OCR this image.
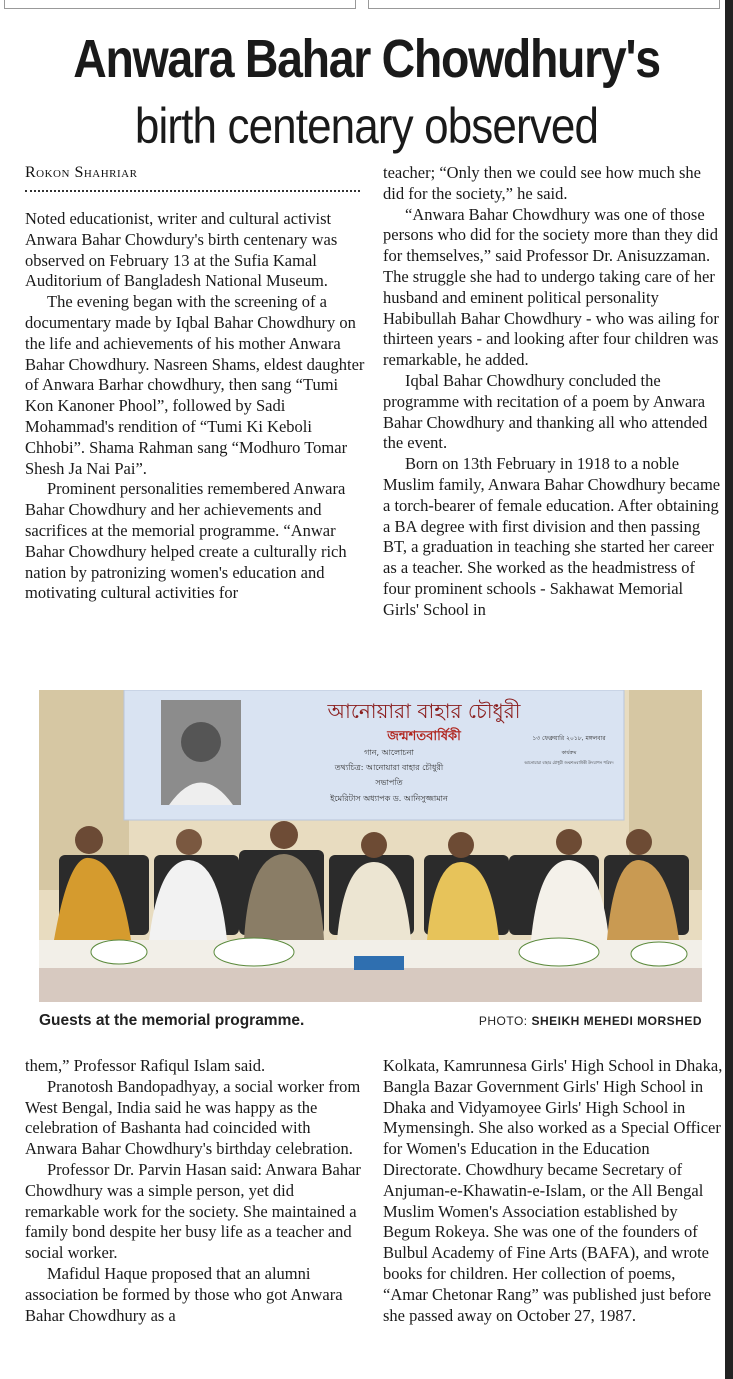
Anwara Bahar Chowdhury's
birth centenary observed
Rokon Shahriar

Noted educationist, writer and cultural activist Anwara Bahar Chowdury's birth centenary was observed on February 13 at the Sufia Kamal Auditorium of Bangladesh National Museum.

The evening began with the screening of a documentary made by Iqbal Bahar Chowdhury on the life and achievements of his mother Anwara Bahar Chowdhury. Nasreen Shams, eldest daughter of Anwara Barhar chowdhury, then sang “Tumi Kon Kanoner Phool”, followed by Sadi Mohammad's rendition of “Tumi Ki Keboli Chhobi”. Shama Rahman sang “Modhuro Tomar Shesh Ja Nai Pai”.

Prominent personalities remembered Anwara Bahar Chowdhury and her achievements and sacrifices at the memorial programme. “Anwar Bahar Chowdhury helped create a culturally rich nation by patronizing women's education and motivating cultural activities for

teacher; “Only then we could see how much she did for the society,” he said.

“Anwara Bahar Chowdhury was one of those persons who did for the society more than they did for themselves,” said Professor Dr. Anisuzzaman. The struggle she had to undergo taking care of her husband and eminent political personality Habibullah Bahar Chowdhury - who was ailing for thirteen years - and looking after four children was remarkable, he added.

Iqbal Bahar Chowdhury concluded the programme with recitation of a poem by Anwara Bahar Chowdhury and thanking all who attended the event.

Born on 13th February in 1918 to a noble Muslim family, Anwara Bahar Chowdhury became a torch-bearer of female education. After obtaining a BA degree with first division and then passing BT, a graduation in teaching she started her career as a teacher. She worked as the headmistress of four prominent schools - Sakhawat Memorial Girls' School in

আনোয়ারা বাহার চৌধুরী
জন্মশতবার্ষিকী
গান, আলোচনা
তথ্যচিত্র: আনোয়ারা বাহার চৌধুরী
সভাপতি
ইমেরিটাস অধ্যাপক ড. আনিসুজ্জামান
১৩ ফেব্রুয়ারি ২০১৮, মঙ্গলবার
কার্যক্রম
আনোয়ারা বাহার চৌধুরী জন্মশতবার্ষিকী উদযাপন পরিষদ
Guests at the memorial programme.	PHOTO: SHEIKH MEHEDI MORSHED

them,” Professor Rafiqul Islam said.

Pranotosh Bandopadhyay, a social worker from West Bengal, India said he was happy as the celebration of Bashanta had coincided with Anwara Bahar Chowdhury's birthday celebration.

Professor Dr. Parvin Hasan said: Anwara Bahar Chowdhury was a simple person, yet did remarkable work for the society. She maintained a family bond despite her busy life as a teacher and social worker.

Mafidul Haque proposed that an alumni association be formed by those who got Anwara Bahar Chowdhury as a

Kolkata, Kamrunnesa Girls' High School in Dhaka, Bangla Bazar Government Girls' High School in Dhaka and Vidyamoyee Girls' High School in Mymensingh. She also worked as a Special Officer for Women's Education in the Education Directorate. Chowdhury became Secretary of Anjuman-e-Khawatin-e-Islam, or the All Bengal Muslim Women's Association established by Begum Rokeya. She was one of the founders of Bulbul Academy of Fine Arts (BAFA), and wrote books for children. Her collection of poems, “Amar Chetonar Rang” was published just before she passed away on October 27, 1987.
